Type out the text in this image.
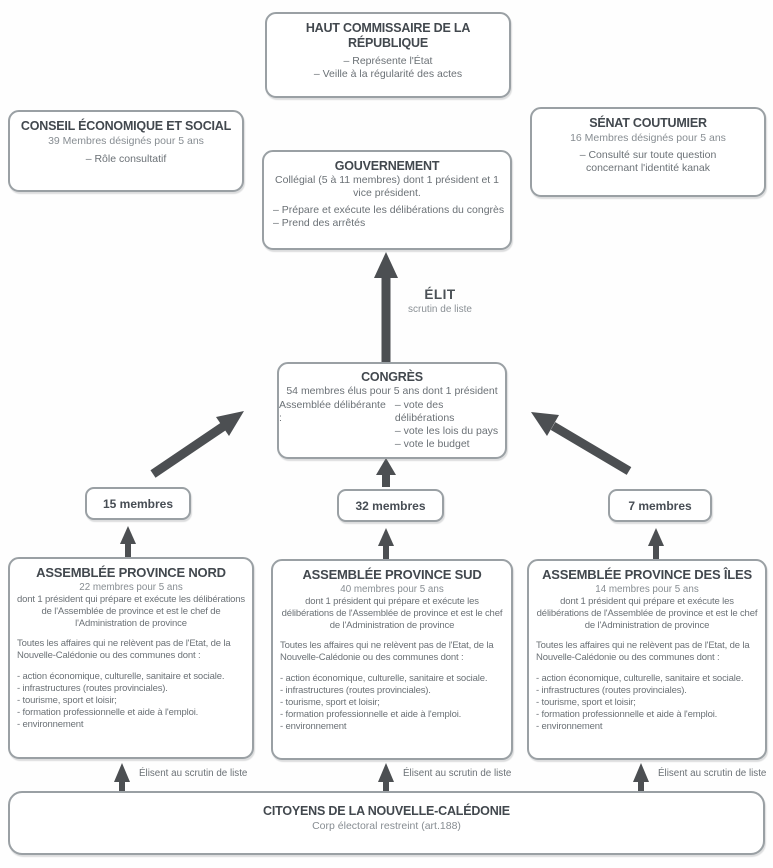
HAUT COMMISSAIRE DE LA RÉPUBLIQUE
– Représente l'État
– Veille à la régularité des actes
CONSEIL ÉCONOMIQUE ET SOCIAL
39 Membres désignés pour 5 ans
– Rôle consultatif
SÉNAT COUTUMIER
16 Membres désignés pour 5 ans
– Consulté sur toute question concernant l'identité kanak
GOUVERNEMENT
Collégial (5 à 11 membres) dont 1 président et 1 vice président.
– Prépare et exécute les délibérations du congrès
– Prend des arrêtés
ÉLIT
scrutin de liste
CONGRÈS
54 membres élus pour 5 ans dont 1 président
Assemblée délibérante :
– vote des délibérations
– vote les lois du pays
– vote le budget
15 membres	32 membres	7 membres
ASSEMBLÉE PROVINCE NORD
22 membres pour 5 ans
dont 1 président qui prépare et exécute les délibérations de l'Assemblée de province et est le chef de l'Administration de province
Toutes les affaires qui ne relèvent pas de l'Etat, de la Nouvelle-Calédonie ou des communes dont :
- action économique, culturelle, sanitaire et sociale.
- infrastructures (routes provinciales).
- tourisme, sport et loisir;
- formation professionnelle et aide à l'emploi.
- environnement
ASSEMBLÉE PROVINCE SUD
40 membres pour 5 ans
dont 1 président qui prépare et exécute les délibérations de l'Assemblée de province et est le chef de l'Administration de province
Toutes les affaires qui ne relèvent pas de l'Etat, de la Nouvelle-Calédonie ou des communes dont :
- action économique, culturelle, sanitaire et sociale.
- infrastructures (routes provinciales).
- tourisme, sport et loisir;
- formation professionnelle et aide à l'emploi.
- environnement
ASSEMBLÉE PROVINCE DES ÎLES
14 membres pour 5 ans
dont 1 président qui prépare et exécute les délibérations de l'Assemblée de province et est le chef de l'Administration de province
Toutes les affaires qui ne relèvent pas de l'Etat, de la Nouvelle-Calédonie ou des communes dont :
- action économique, culturelle, sanitaire et sociale.
- infrastructures (routes provinciales).
- tourisme, sport et loisir;
- formation professionnelle et aide à l'emploi.
- environnement
Élisent au scrutin de liste	Élisent au scrutin de liste	Élisent au scrutin de liste
CITOYENS DE LA NOUVELLE-CALÉDONIE
Corp électoral restreint (art.188)
